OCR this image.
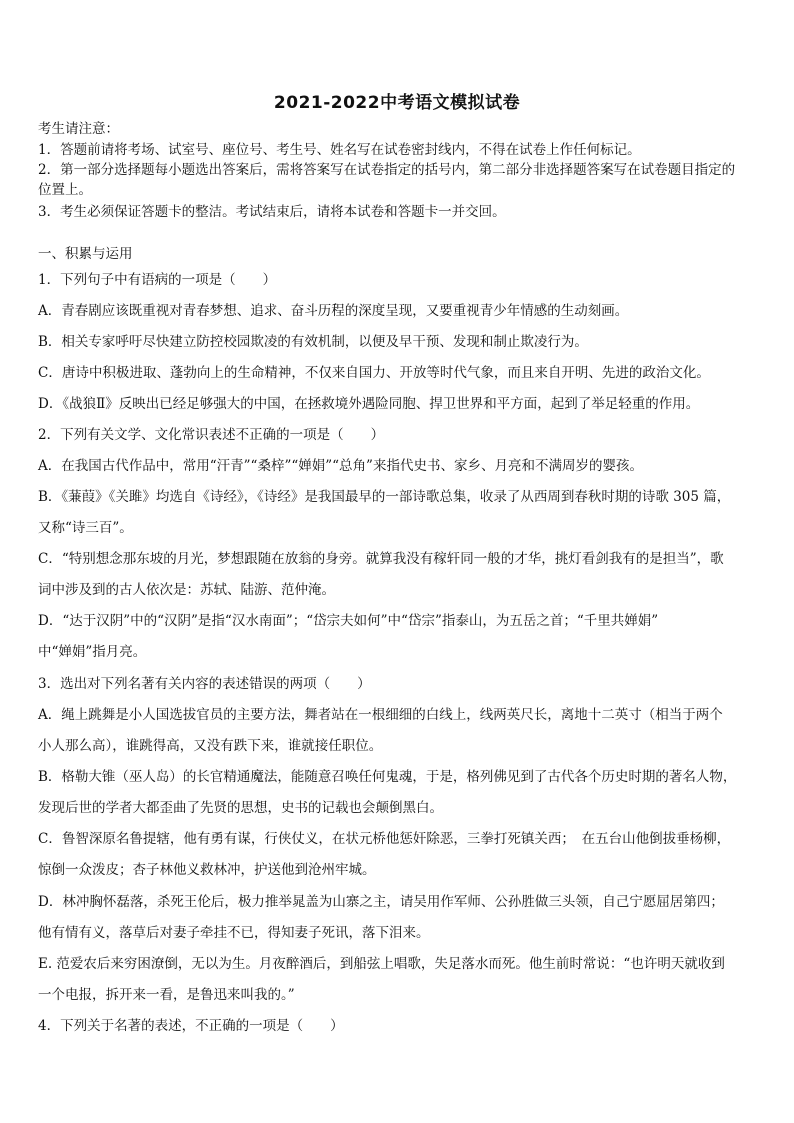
2021-2022中考语文模拟试卷
考生请注意：
1．答题前请将考场、试室号、座位号、考生号、姓名写在试卷密封线内，不得在试卷上作任何标记。
2．第一部分选择题每小题选出答案后，需将答案写在试卷指定的括号内，第二部分非选择题答案写在试卷题目指定的
位置上。
3．考生必须保证答题卡的整洁。考试结束后，请将本试卷和答题卡一并交回。
一、积累与运用
1．下列句子中有语病的一项是（　　）
A．青春剧应该既重视对青春梦想、追求、奋斗历程的深度呈现，又要重视青少年情感的生动刻画。
B．相关专家呼吁尽快建立防控校园欺凌的有效机制，以便及早干预、发现和制止欺凌行为。
C．唐诗中积极进取、蓬勃向上的生命精神，不仅来自国力、开放等时代气象，而且来自开明、先进的政治文化。
D．《战狼Ⅱ》反映出已经足够强大的中国，在拯救境外遇险同胞、捍卫世界和平方面，起到了举足轻重的作用。
2．下列有关文学、文化常识表述不正确的一项是（　　）
A．在我国古代作品中，常用“汗青”“桑梓”“婵娟”“总角”来指代史书、家乡、月亮和不满周岁的婴孩。
B．《蒹葭》《关雎》均选自《诗经》，《诗经》是我国最早的一部诗歌总集，收录了从西周到春秋时期的诗歌 305 篇，
又称“诗三百”。
C．“特别想念那东坡的月光，梦想跟随在放翁的身旁。就算我没有稼轩同一般的才华，挑灯看剑我有的是担当”，歌
词中涉及到的古人依次是：苏轼、陆游、范仲淹。
D．“达于汉阴”中的“汉阴”是指“汉水南面”；“岱宗夫如何”中“岱宗”指泰山，为五岳之首；“千里共婵娟”
中“婵娟”指月亮。
3．选出对下列名著有关内容的表述错误的两项（　　）
A．绳上跳舞是小人国选拔官员的主要方法，舞者站在一根细细的白线上，线两英尺长，离地十二英寸（相当于两个
小人那么高），谁跳得高，又没有跌下来，谁就接任职位。
B．格勒大锥（巫人岛）的长官精通魔法，能随意召唤任何鬼魂，于是，格列佛见到了古代各个历史时期的著名人物，
发现后世的学者大都歪曲了先贤的思想，史书的记载也会颠倒黑白。
C．鲁智深原名鲁提辖，他有勇有谋，行侠仗义，在状元桥他惩奸除恶，三拳打死镇关西；　在五台山他倒拔垂杨柳，
惊倒一众泼皮；杏子林他义救林冲，护送他到沧州牢城。
D．林冲胸怀磊落，杀死王伦后，极力推举晁盖为山寨之主，请吴用作军师、公孙胜做三头领，自己宁愿屈居第四；
他有情有义，落草后对妻子牵挂不已，得知妻子死讯，落下泪来。
E. 范爱农后来穷困潦倒，无以为生。月夜醉酒后，到船弦上唱歌，失足落水而死。他生前时常说：“也许明天就收到
一个电报，拆开来一看，是鲁迅来叫我的。”
4．下列关于名著的表述，不正确的一项是（　　）
